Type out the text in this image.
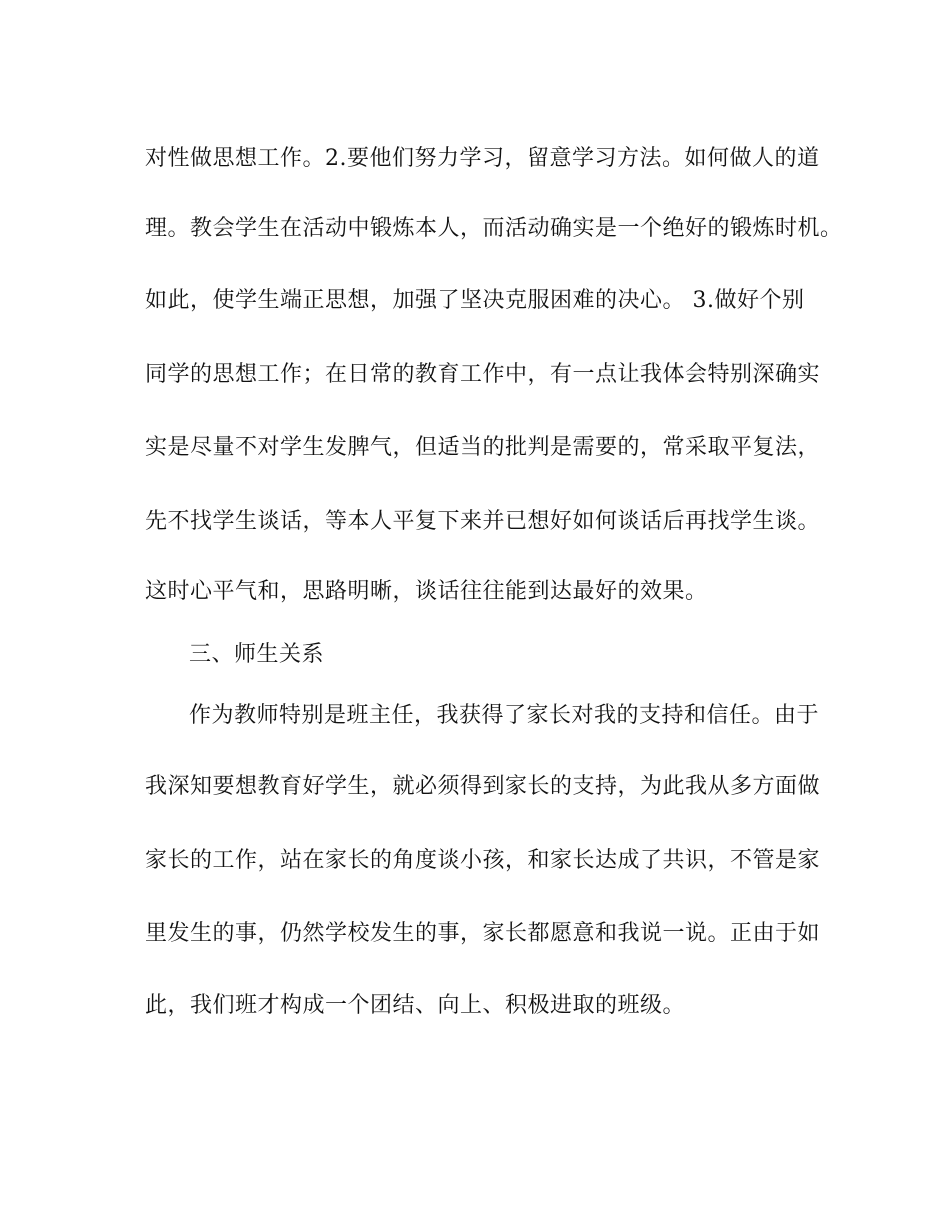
对性做思想工作。2.要他们努力学习，留意学习方法。如何做人的道
理。教会学生在活动中锻炼本人，而活动确实是一个绝好的锻炼时机。
如此，使学生端正思想，加强了坚决克服困难的决心。 3.做好个别
同学的思想工作；在日常的教育工作中，有一点让我体会特别深确实
实是尽量不对学生发脾气，但适当的批判是需要的，常采取平复法，
先不找学生谈话，等本人平复下来并已想好如何谈话后再找学生谈。
这时心平气和，思路明晰，谈话往往能到达最好的效果。
三、师生关系
作为教师特别是班主任，我获得了家长对我的支持和信任。由于
我深知要想教育好学生，就必须得到家长的支持，为此我从多方面做
家长的工作，站在家长的角度谈小孩，和家长达成了共识，不管是家
里发生的事，仍然学校发生的事，家长都愿意和我说一说。正由于如
此，我们班才构成一个团结、向上、积极进取的班级。
